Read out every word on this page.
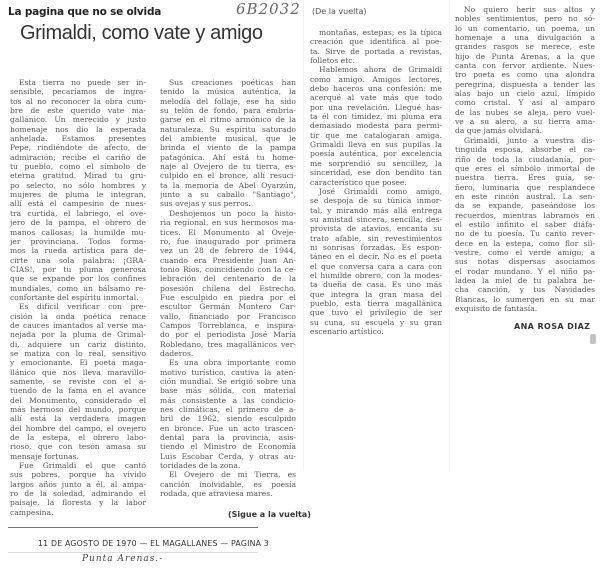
La pagina que no se olvida	6B2032
Grimaldi, como vate y amigo
Esta tierra no puede ser in-
sensible, pecaríamos de ingra-
tos al no reconocer la obra cum-
bre de este querido vate ma-
gallánico. Un merecido y justo
homenaje nos dio la esperada
anhelada. Estamos presentes
Pepe, rindiéndote de afecto, de
admiración; recibe el cariño de
tu pueblo, como el símbolo de
eterna gratitud. Mirad tu gru-
po selecto, no sólo hombres y
mujeres de pluma le integran,
allí está el campesino de nues-
tra curtida, el labriego, el ove-
jero de la pampa, el obrero de
manos callosas; la humilde mu-
jer provinciana. Todos forma-
mos la rueda artística para de-
cirte una sola palabra: ¡GRA-
CIAS!, por tu pluma generosa
que se expande por los confines
mundiales, como un bálsamo re-
confortante del espíritu inmortal.
Es difícil verificar con pre-
cisión la onda poética renace
de cauces imantados al verse ma-
nejada por la pluma de Grimal-
di, adquiere un cariz distinto,
se matiza con lo real, sensitivo
y emocionante. El poeta maga-
llánico que nos lleva maravillo-
samente, se reviste con el a-
tuendo de la fama en el avance
del Monumento, considerado el
más hermoso del mundo, porque
allí está la verdadera imagen
del hombre del campo, el ovejero
de la estepa, el obrero labo-
rioso, que con tesón amasa su
mensaje fortunas.
Fue Grimaldi el que cantó
sus pobres, porque ha vivido
largos años junto a él, al ampa-
ro de la soledad, admirando el
paisaje, la floresta y la labor
campesina.
Sus creaciones poéticas han
tenido la música auténtica, la
melodía del follaje, ese ha sido
su telón de fondo, para embria-
garse en el ritmo armónico de la
naturaleza. Su espíritu saturado
del ambiente musical, que le
brinda el viento de la pampa
patagónica. Ahí está tu home-
naje al Ovejero de tu tierra, es-
culpido en el bronce, allí resuci-
ta la memoria de Abel Oyarzún,
junto a su caballo "Santiago",
sus ovejas y sus perros.
Deshojemos un poco la histo-
ria regional, en sus hermosos ma-
tices. El Monumento al Oveje-
ro, fue inaugurado por primera
vez un 28 de febrero de 1944,
cuando era Presidente Juan An-
tonio Ríos, coincidiendo con la ce-
lebración del centenario de la
posesión chilena del Estrecho.
Fue esculpido en piedra por el
escultor Germán Montero Car-
vallo, financiado por Francisco
Campos Torreblanca, e inspira-
do por el periodista José María
Robledano, tres magallánicos ver-
daderos.
Es una obra importante como
motivo turístico, cautiva la aten-
ción mundial. Se erigió sobre una
base más sólida, con material
más consistente a las condicio-
nes climáticas, el primero de a-
bril de 1962, siendo esculpido
en bronce. Fue un acto trascen-
dental para la provincia, asis-
tiendo el Ministro de Economía
Luis Escobar Cerda, y otras au-
toridades de la zona.
El Ovejero de mi Tierra, es
canción inolvidable, es poesía
rodada, que atraviesa mares.
(De la vuelta)
montañas, estepas; es la típica
creación que identifica al poe-
ta. Sirve de portada a revistas,
folletos etc.
Hablemos ahora de Grimaldi
como amigo. Amigos lectores,
debo haceros una confesión: me
acerqué al vate más que todo
por una revelación. Llegué has-
ta él con timidez, mi pluma era
demasiado modesta para permi-
tir que me catalogaran amiga.
Grimaldi lleva en sus pupilas la
poesía auténtica, por excelencia
me sorprendió su sencillez, la
sinceridad, ese don bendito tan
característico que posee.
José Grimaldi como amigo,
se despoja de su túnica inmor-
tal, y mirando más allá entrega
su amistad sincera, sencilla, des-
provista de atavíos, encanta su
trato afable, sin revestimientos
ni sonrisas forzadas. Es espon-
táneo en el decir. No es el poeta
el que conversa cara a cara con
el humilde obrero, con la modes-
ta dueña de casa. Es uno más
que integra la gran masa del
pueblo, esta tierra magallánica
que tuvo el privilegio de ser
su cuna, su escuela y su gran
escenario artístico.
No quiero herir sus altos y
nobles sentimientos, pero no só-
lo un comentario, un poema, un
homenaje a una divulgación a
grandes rasgos se merece, este
hijo de Punta Arenas, a la que
canta con fervor ardiente. Nues-
tro poeta es como una alondra
peregrina, dispuesta a tender las
alas bajo un cielo azul, límpido
como cristal. Y así al amparo
de las nubes se aleja, pero vuel-
ve a su alero, a su tierra ama-
da que jamás olvidará.
Grimaldi, junto a vuestra dis-
tinguida esposa, absorbe el ca-
riño de toda la ciudadanía, por-
que eres el símbolo inmortal de
nuestra tierra. Eres guía, se-
ñero, luminaria que resplandece
en este rincón austral. La sen-
da se expande, paseándose los
recuerdos, mientras labramos en
el estilo infinito el saber diáfa-
no de tu poesía. Tu canto rever-
dece en la estepa, como flor sil-
vestre, como el verde amigo; a
sus notas dispersas asociamos
el rodar mundano. Y el niño pa-
ladea la miel de tu palabra he-
cha canción, y tus Navidades
Blancas, lo sumergen en su mar
exquisito de fantasía.
(Sigue a la vuelta)
ANA ROSA DIAZ
11 DE AGOSTO DE 1970 — EL MAGALLANES — PAGINA 3
Punta Arenas.-
